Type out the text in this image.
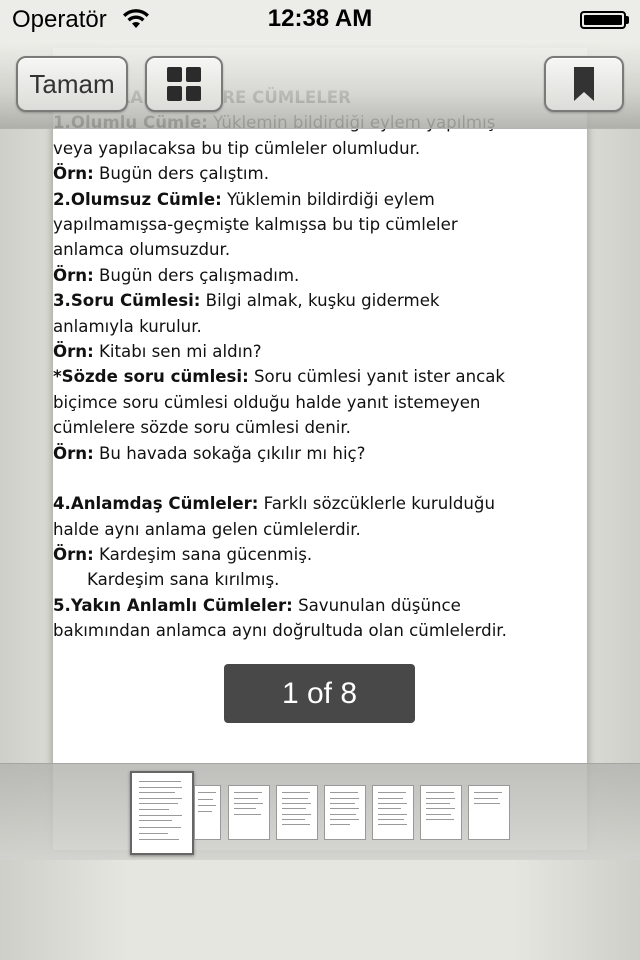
veya yapılacaksa bu tip cümleler olumludur.

Örn: Bugün ders çalıştım.

2.Olumsuz Cümle: Yüklemin bildirdiği eylem yapılmamışsa-geçmişte kalmışsa bu tip cümleler anlamca olumsuzdur.

Örn: Bugün ders çalışmadım.

3.Soru Cümlesi: Bilgi almak, kuşku gidermek anlamıyla kurulur.

Örn: Kitabı sen mi aldın?

*Sözde soru cümlesi: Soru cümlesi yanıt ister ancak biçimce soru cümlesi olduğu halde yanıt istemeyen cümlelere sözde soru cümlesi denir.

Örn: Bu havada sokağa çıkılır mı hiç?

4.Anlamdaş Cümleler: Farklı sözcüklerle kurulduğu halde aynı anlama gelen cümlelerdir.

Örn: Kardeşim sana gücenmiş.

Kardeşim sana kırılmış.

5.Yakın Anlamlı Cümleler: Savunulan düşünce bakımından anlamca aynı doğrultuda olan cümlelerdir.

Operatör	12:38 AM
Tamam
1 of 8
